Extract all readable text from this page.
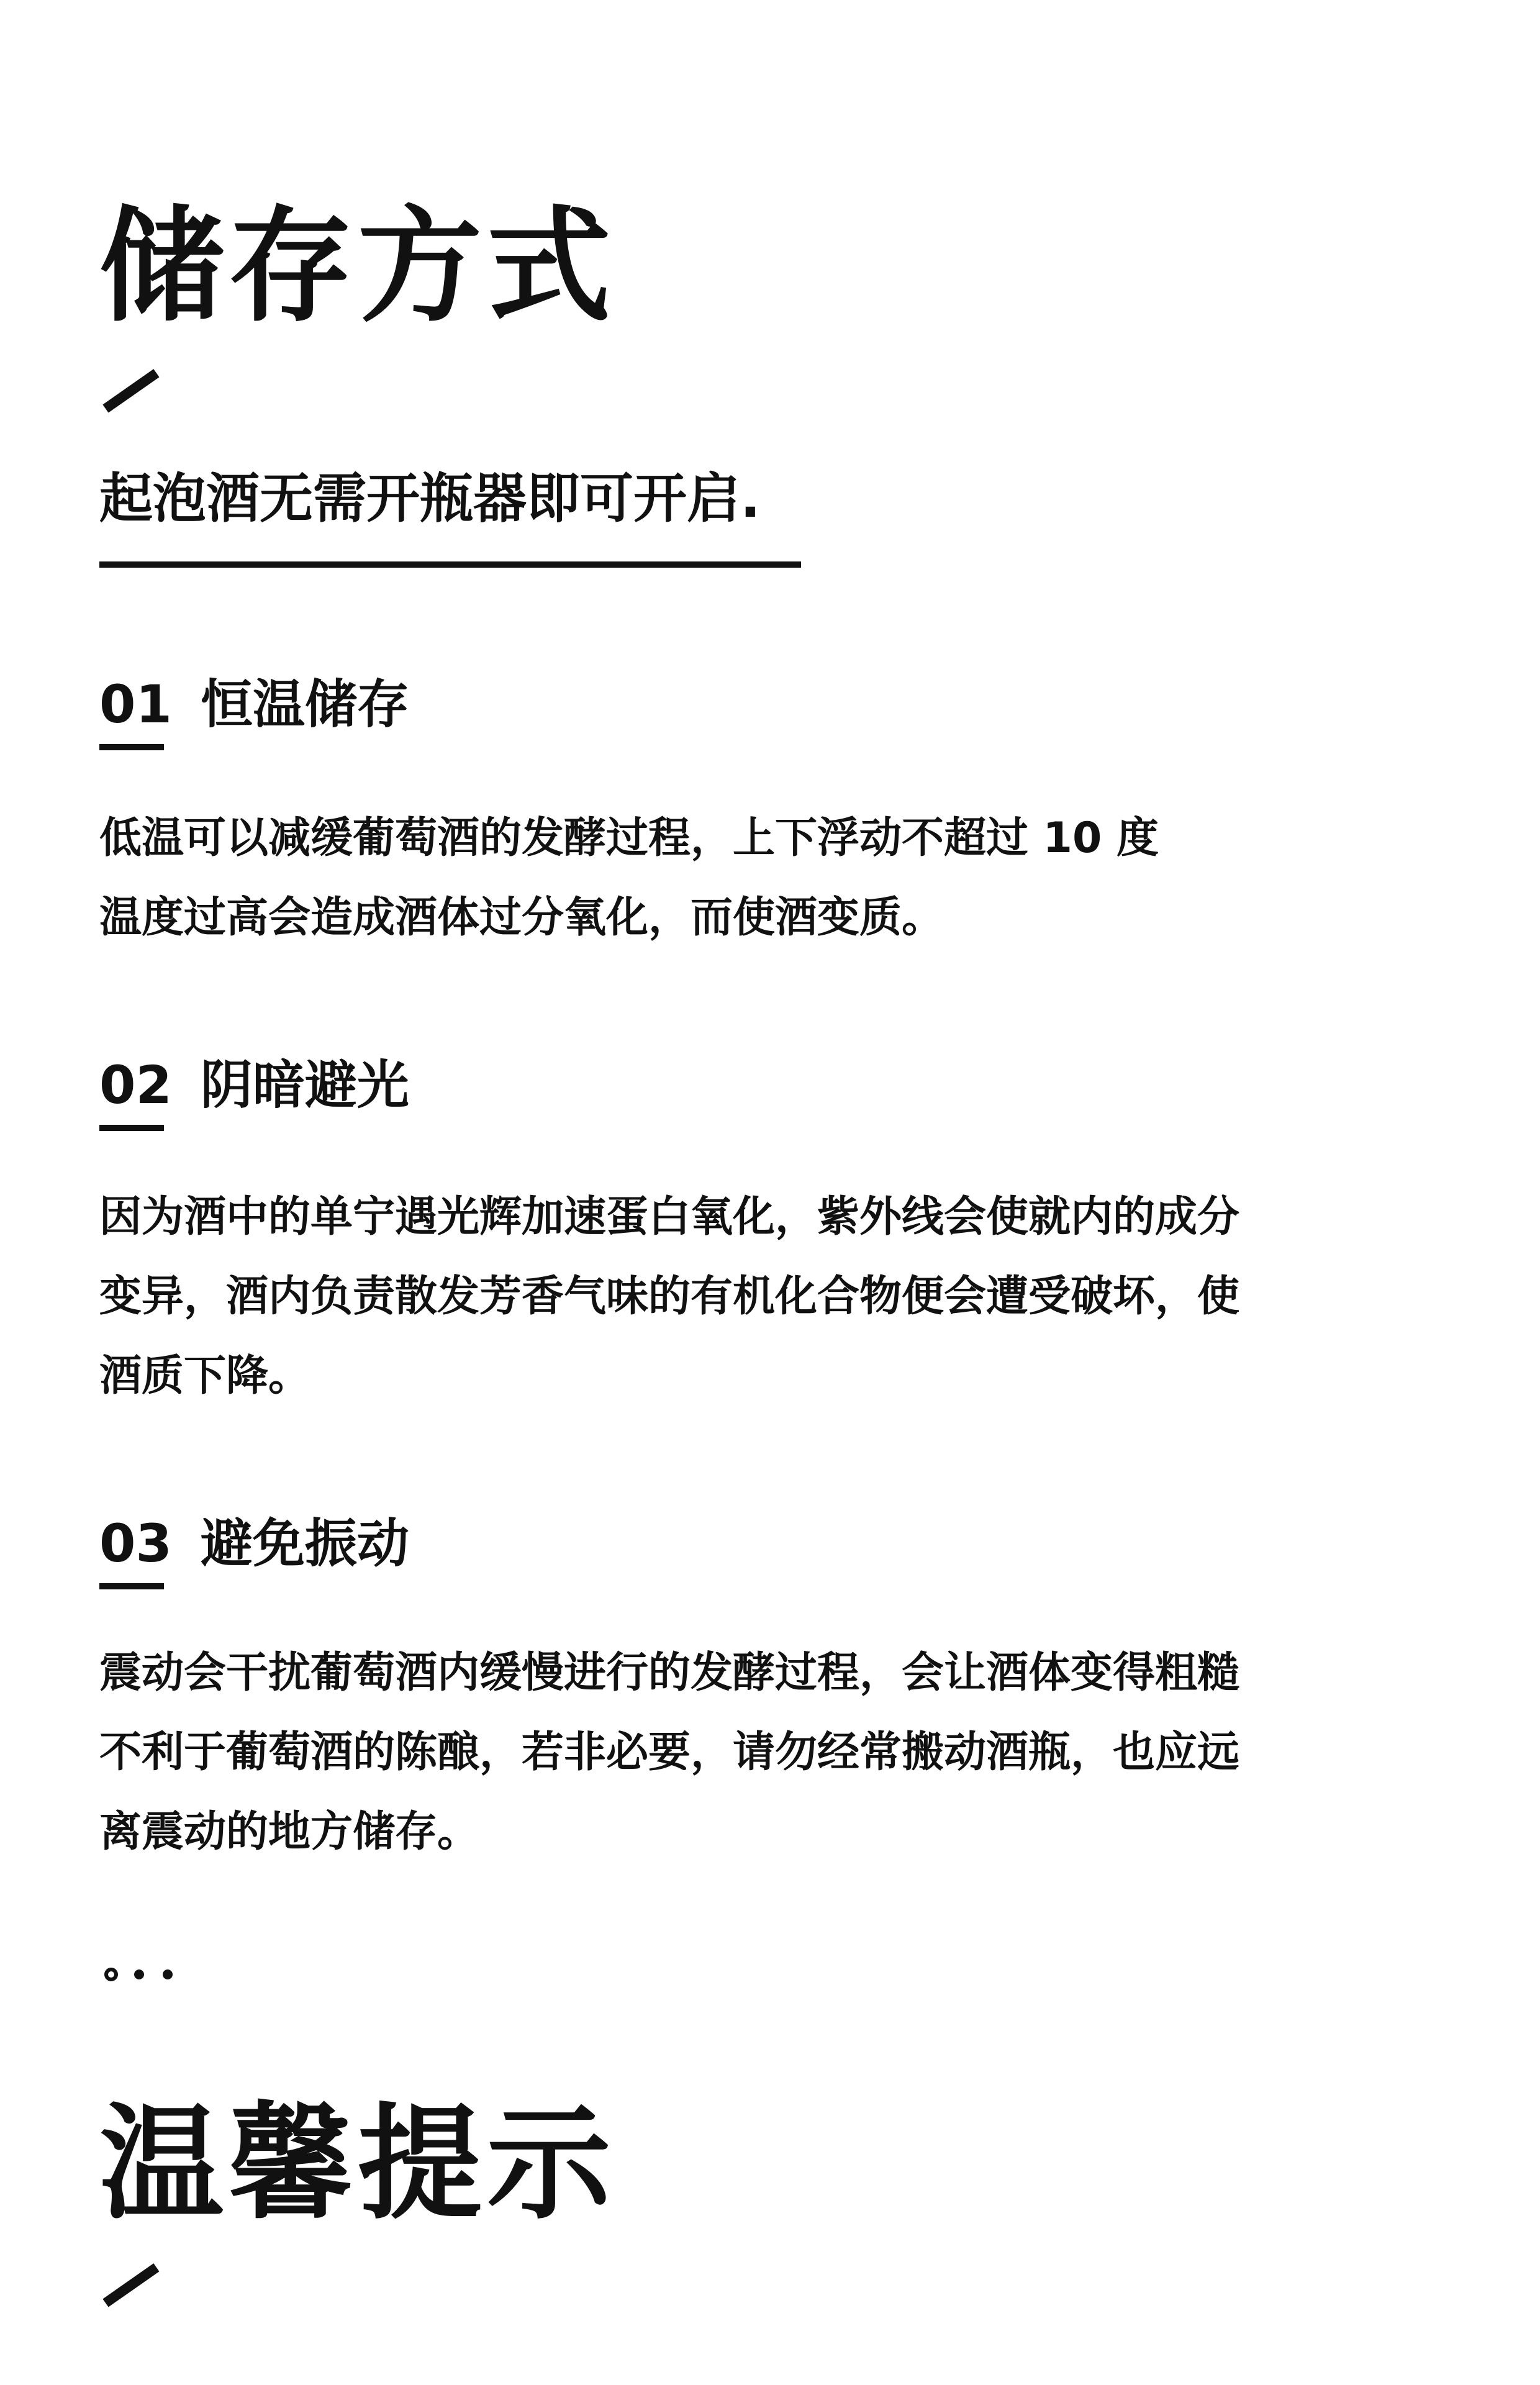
储存方式
起泡酒无需开瓶器即可开启.
01 恒温储存
低温可以减缓葡萄酒的发酵过程，上下浮动不超过 10 度
温度过高会造成酒体过分氧化，而使酒变质。
02 阴暗避光
因为酒中的单宁遇光辉加速蛋白氧化，紫外线会使就内的成分
变异，酒内负责散发芳香气味的有机化合物便会遭受破坏，使
酒质下降。
03 避免振动
震动会干扰葡萄酒内缓慢进行的发酵过程，会让酒体变得粗糙
不利于葡萄酒的陈酿，若非必要，请勿经常搬动酒瓶，也应远
离震动的地方储存。
温馨提示
